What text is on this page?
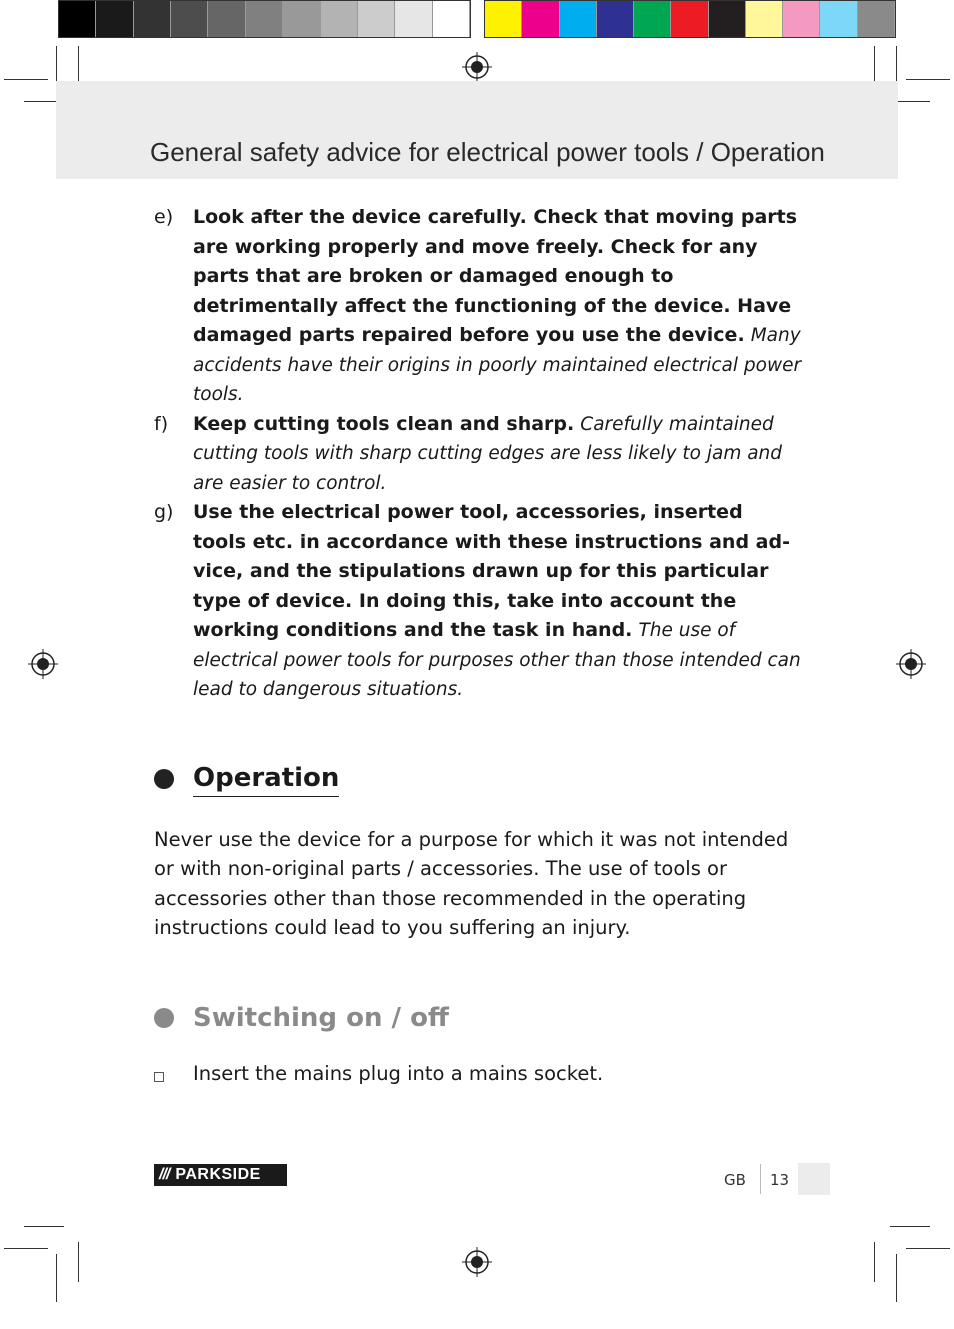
General safety advice for electrical power tools / Operation
e)	Look after the device carefully. Check that moving parts are working properly and move freely. Check for any parts that are broken or damaged enough to detrimentally affect the functioning of the device. Have damaged parts repaired before you use the device. Many accidents have their origins in poorly maintained electrical power tools.
f)	Keep cutting tools clean and sharp. Carefully maintained cutting tools with sharp cutting edges are less likely to jam and are easier to control.
g)	Use the electrical power tool, accessories, inserted tools etc. in accordance with these instructions and ad-vice, and the stipulations drawn up for this particular type of device. In doing this, take into account the working conditions and the task in hand. The use of electrical power tools for purposes other than those intended can lead to dangerous situations.
Operation

Never use the device for a purpose for which it was not intended or with non-original parts / accessories. The use of tools or accessories other than those recommended in the operating instructions could lead to you suffering an injury.

Switching on / off
Insert the mains plug into a mains socket.
/// PARKSIDE	GB 13
